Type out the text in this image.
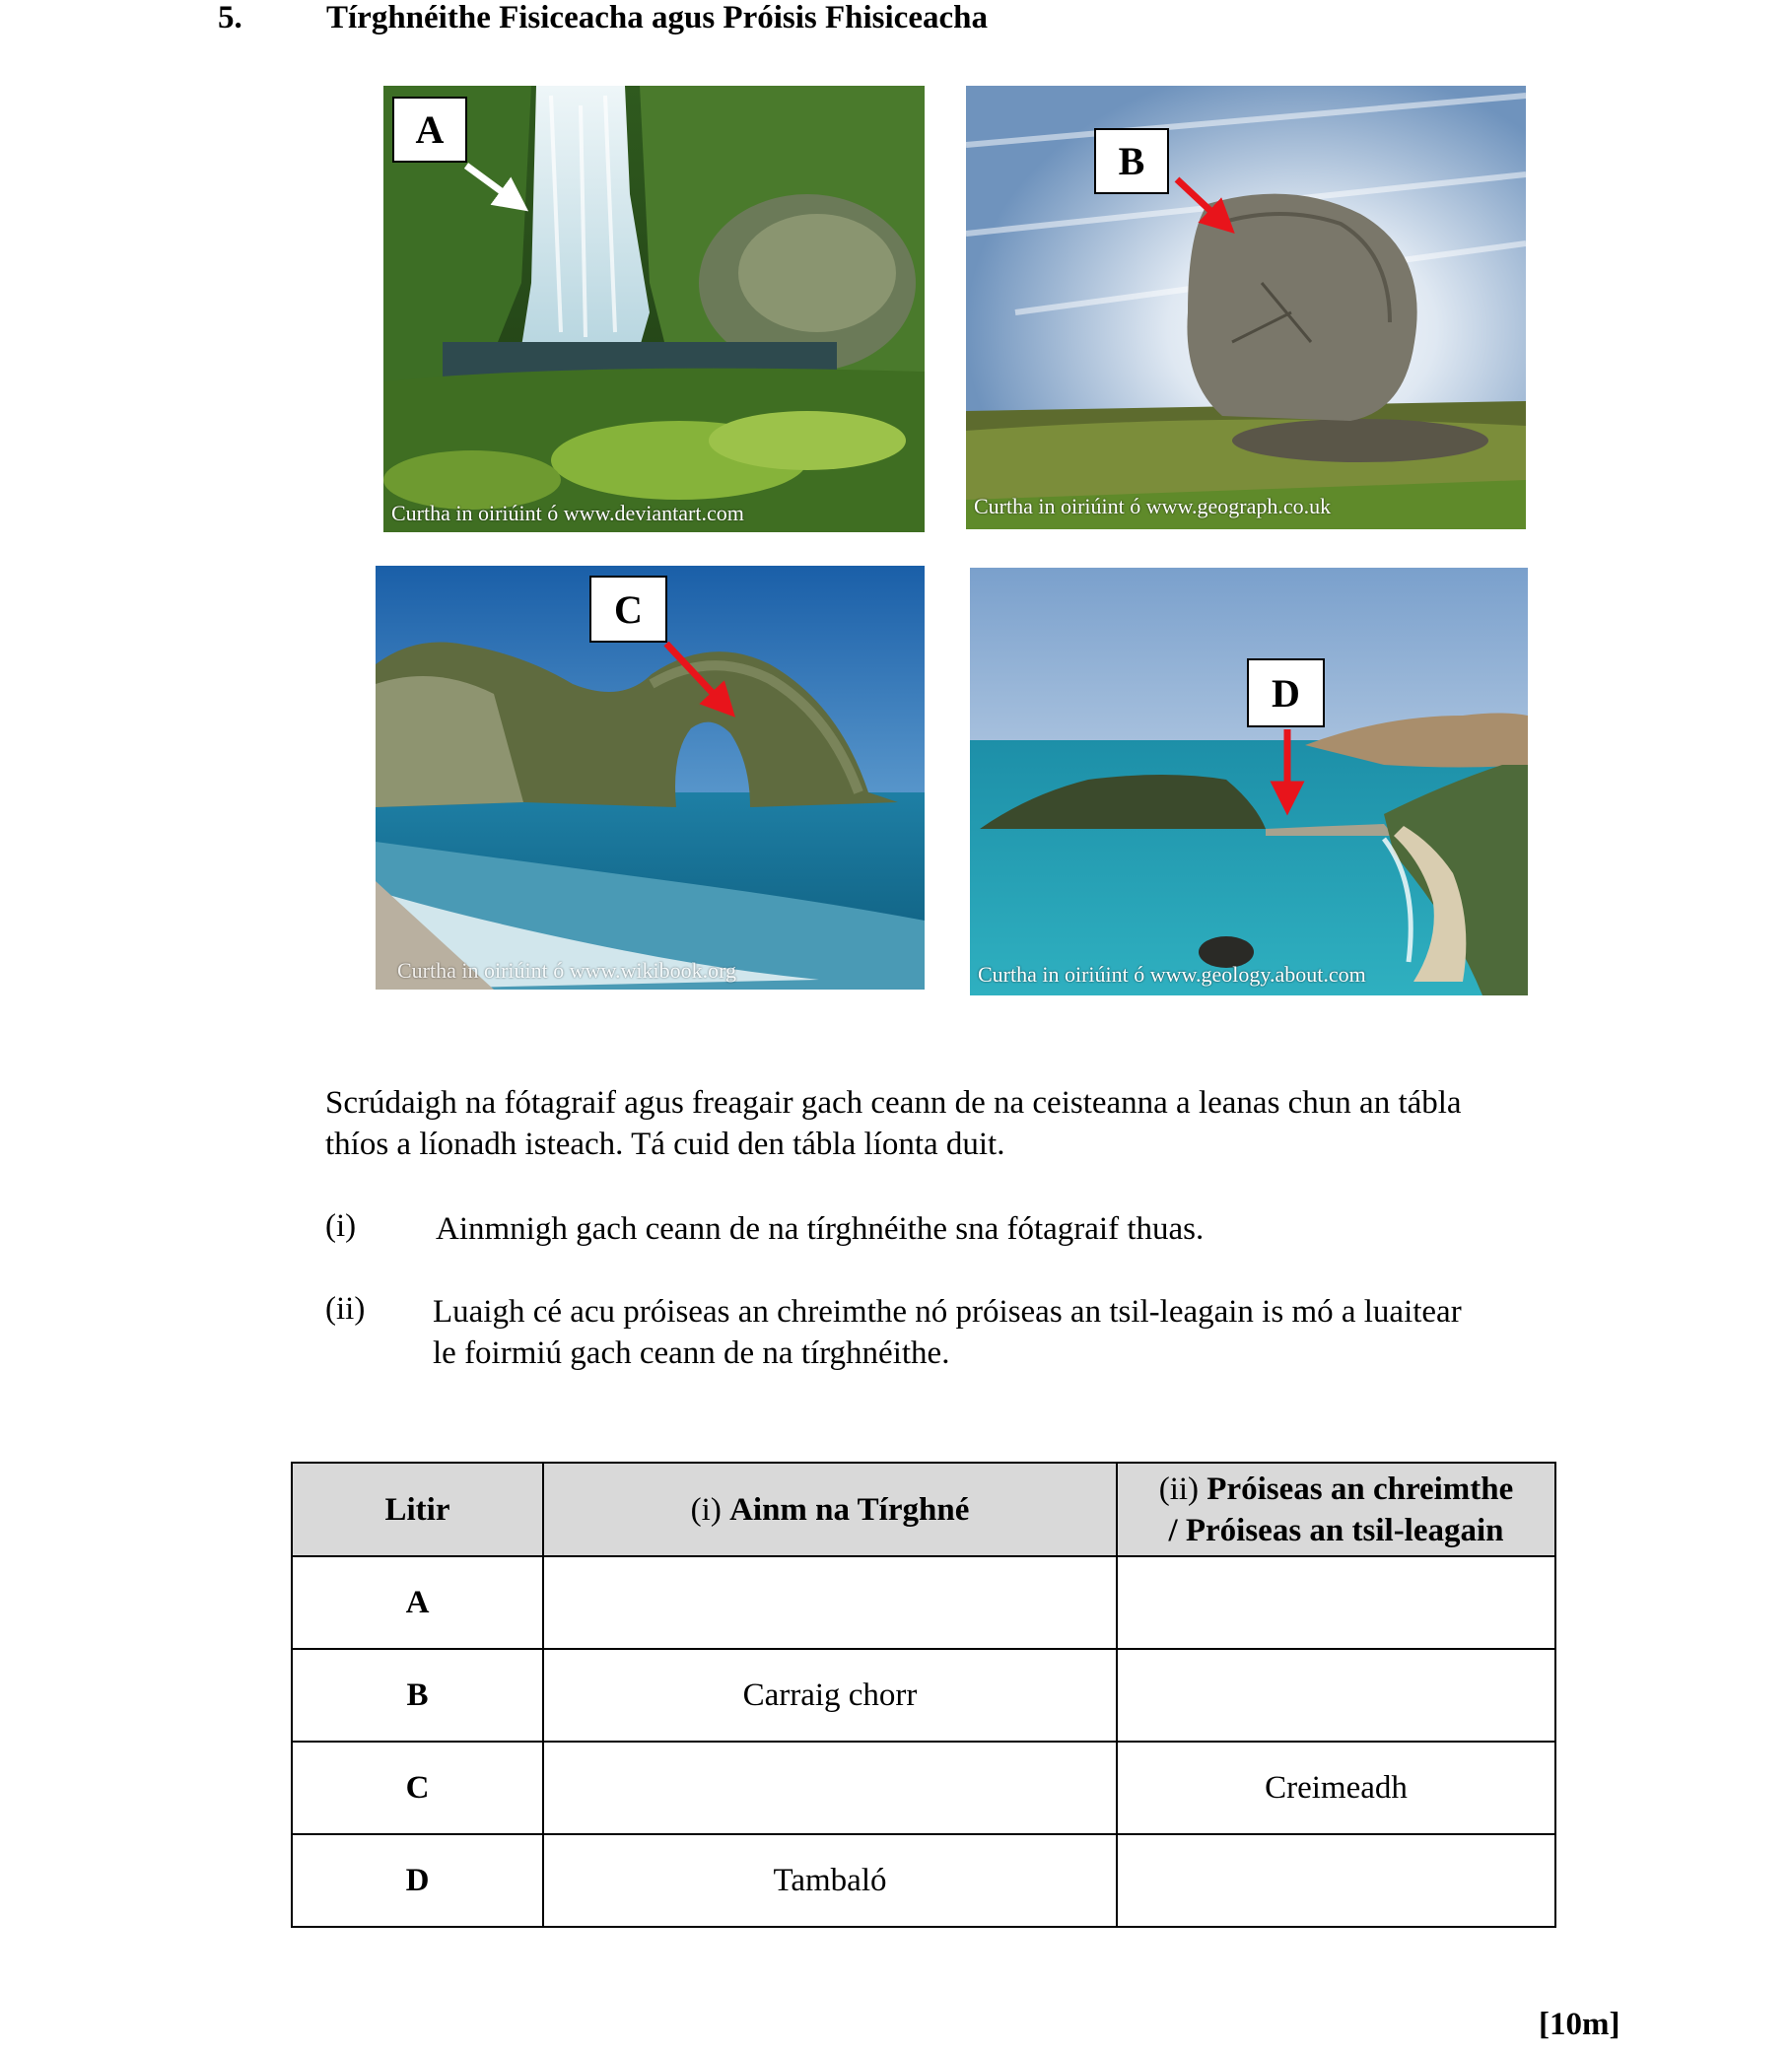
5.	Tírghnéithe Fisiceacha agus Próisis Fhisiceacha
Curtha in oiriúint ó www.deviantart.com
A
Curtha in oiriúint ó www.geograph.co.uk
B
Curtha in oiriúint ó www.wikibook.org
C
Curtha in oiriúint ó www.geology.about.com
D
Scrúdaigh na fótagraif agus freagair gach ceann de na ceisteanna a leanas chun an tábla
thíos a líonadh isteach. Tá cuid den tábla líonta duit.
(i) Ainmnigh gach ceann de na tírghnéithe sna fótagraif thuas.
(ii) Luaigh cé acu próiseas an chreimthe nó próiseas an tsil-leagain is mó a luaitear
le foirmiú gach ceann de na tírghnéithe.
Litir	(i) Ainm na Tírghné	(ii) Próiseas an chreimthe
/ Próiseas an tsil-leagain

A		
B	Carraig chorr	
C		Creimeadh
D	Tambaló	
[10m]
